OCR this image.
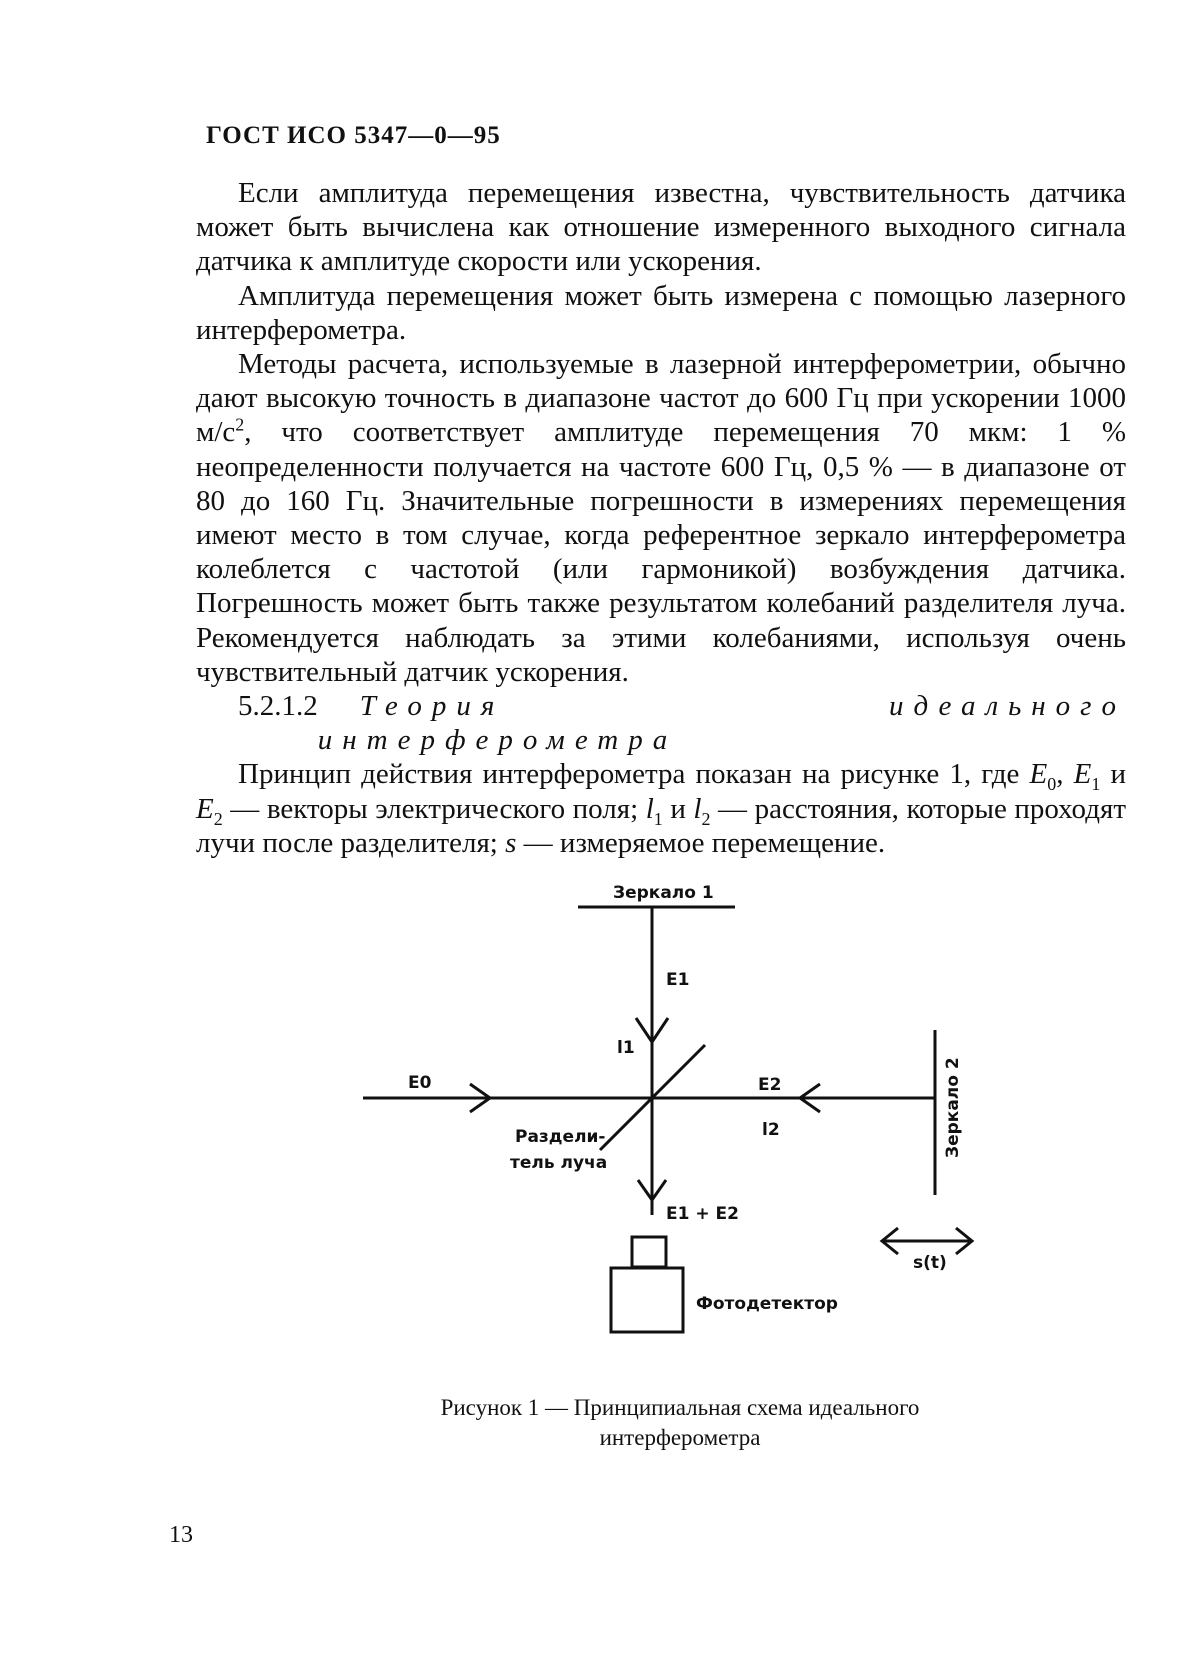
ГОСТ ИСО 5347—0—95

Если амплитуда перемещения известна, чувствительность датчика может быть вычислена как отношение измеренного выходного сигнала датчика к амплитуде скорости или ускорения.

Амплитуда перемещения может быть измерена с помощью лазерного интерферометра.

Методы расчета, используемые в лазерной интерферометрии, обычно дают высокую точность в диапазоне частот до 600 Гц при ускорении 1000 $м/с^2$, что соответствует амплитуде перемещения 70 мкм: 1 % неопределенности получается на частоте 600 Гц, 0,5 % — в диапазоне от 80 до 160 Гц. Значительные погрешности в измерениях перемещения имеют место в том случае, когда референтное зеркало интерферометра колеблется с частотой (или гармоникой) возбуждения датчика. Погрешность может быть также результатом колебаний разделителя луча. Рекомендуется наблюдать за этими колебаниями, используя очень чувствительный датчик ускорения.

5.2.1.2	Теория идеального интерферометра

Принцип действия интерферометра показан на рисунке 1, где $E_0$, $E_1$ и $E_2$ — векторы электрического поля; $l_1$ и $l_2$ — расстояния, которые проходят лучи после разделителя; s — измеряемое перемещение.

Зеркало 1
E1
l1
E0	E2
l2
Раздели-
тель луча
E1 + E2
s(t)
Фотодетектор
Зеркало 2
Рисунок 1 — Принципиальная схема идеального
интерферометра
13
